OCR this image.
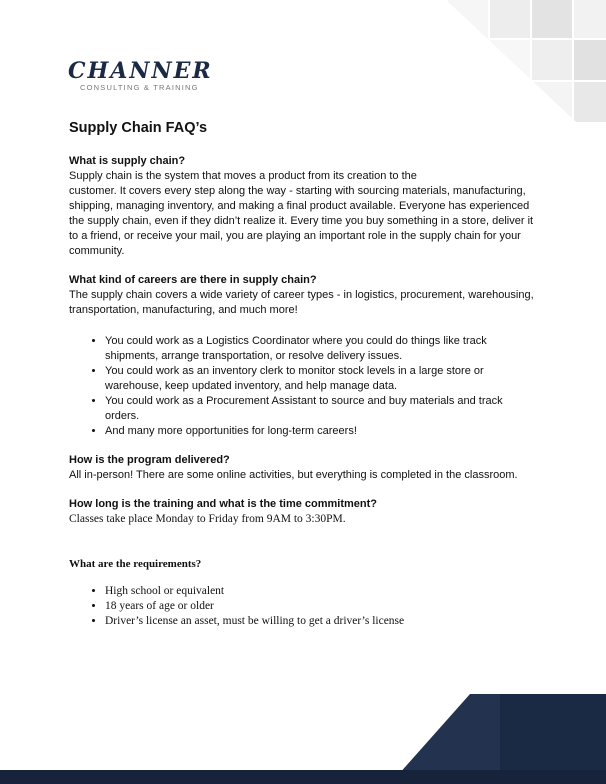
CHANNER
CONSULTING & TRAINING
Supply Chain FAQ’s

What is supply chain?

Supply chain is the system that moves a product from its creation to the

customer. It covers every step along the way - starting with sourcing materials, manufacturing,

shipping, managing inventory, and making a final product available. Everyone has experienced

the supply chain, even if they didn’t realize it. Every time you buy something in a store, deliver it

to a friend, or receive your mail, you are playing an important role in the supply chain for your

community.

What kind of careers are there in supply chain?

The supply chain covers a wide variety of career types - in logistics, procurement, warehousing,

transportation, manufacturing, and much more!

• You could work as a Logistics Coordinator where you could do things like track
shipments, arrange transportation, or resolve delivery issues.
• You could work as an inventory clerk to monitor stock levels in a large store or
warehouse, keep updated inventory, and help manage data.
• You could work as a Procurement Assistant to source and buy materials and track
orders.
• And many more opportunities for long-term careers!

How is the program delivered?

All in-person! There are some online activities, but everything is completed in the classroom.

How long is the training and what is the time commitment?

Classes take place Monday to Friday from 9AM to 3:30PM.

What are the requirements?

• High school or equivalent
• 18 years of age or older
• Driver’s license an asset, must be willing to get a driver’s license
